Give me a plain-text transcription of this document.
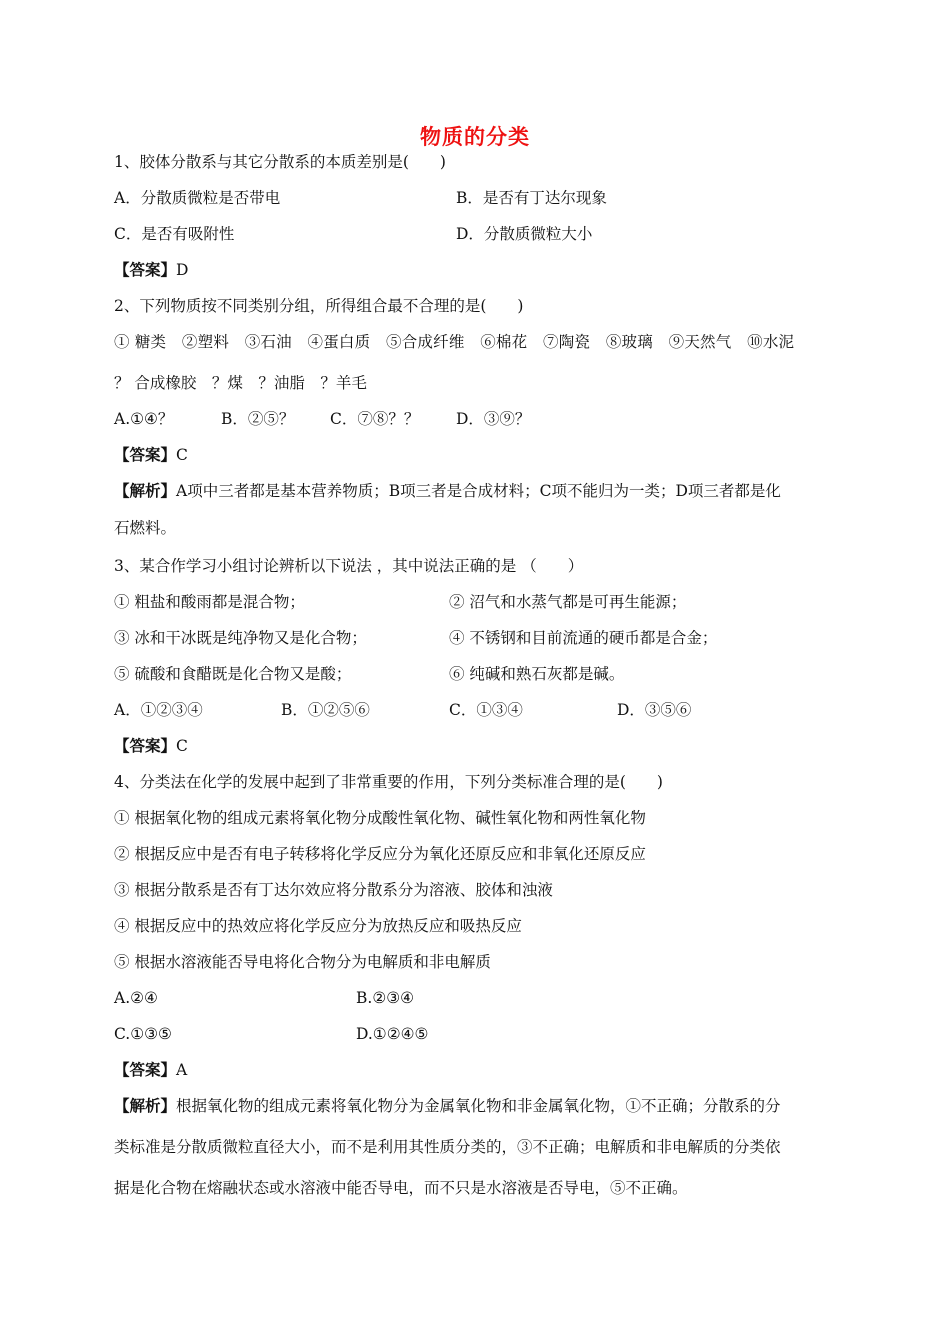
物质的分类
1、胶体分散系与其它分散系的本质差别是(　　)
A．分散质微粒是否带电	B．是否有丁达尔现象
C．是否有吸附性	D．分散质微粒大小
【答案】D
2、下列物质按不同类别分组，所得组合最不合理的是(　　)
① 糖类　②塑料　③石油　④蛋白质　⑤合成纤维　⑥棉花　⑦陶瓷　⑧玻璃　⑨天然气　⑩水泥
？ 合成橡胶　？煤　？油脂　？羊毛
A.①④？	B．②⑤？ C．⑦⑧？？ D．③⑨？
【答案】C
【解析】A项中三者都是基本营养物质；B项三者是合成材料；C项不能归为一类；D项三者都是化
石燃料。
3、某合作学习小组讨论辨析以下说法 ，其中说法正确的是 （　　）
① 粗盐和酸雨都是混合物；	② 沼气和水蒸气都是可再生能源；
③ 冰和干冰既是纯净物又是化合物；	④ 不锈钢和目前流通的硬币都是合金；
⑤ 硫酸和食醋既是化合物又是酸；	⑥ 纯碱和熟石灰都是碱。
A．①②③④	B．①②⑤⑥	C．①③④	D．③⑤⑥
【答案】C
4、分类法在化学的发展中起到了非常重要的作用，下列分类标准合理的是(　　)
① 根据氧化物的组成元素将氧化物分成酸性氧化物、碱性氧化物和两性氧化物
② 根据反应中是否有电子转移将化学反应分为氧化还原反应和非氧化还原反应
③ 根据分散系是否有丁达尔效应将分散系分为溶液、胶体和浊液
④ 根据反应中的热效应将化学反应分为放热反应和吸热反应
⑤ 根据水溶液能否导电将化合物分为电解质和非电解质
A.②④	B.②③④
C.①③⑤	D.①②④⑤
【答案】A
【解析】根据氧化物的组成元素将氧化物分为金属氧化物和非金属氧化物，①不正确；分散系的分
类标准是分散质微粒直径大小，而不是利用其性质分类的，③不正确；电解质和非电解质的分类依
据是化合物在熔融状态或水溶液中能否导电，而不只是水溶液是否导电，⑤不正确。
